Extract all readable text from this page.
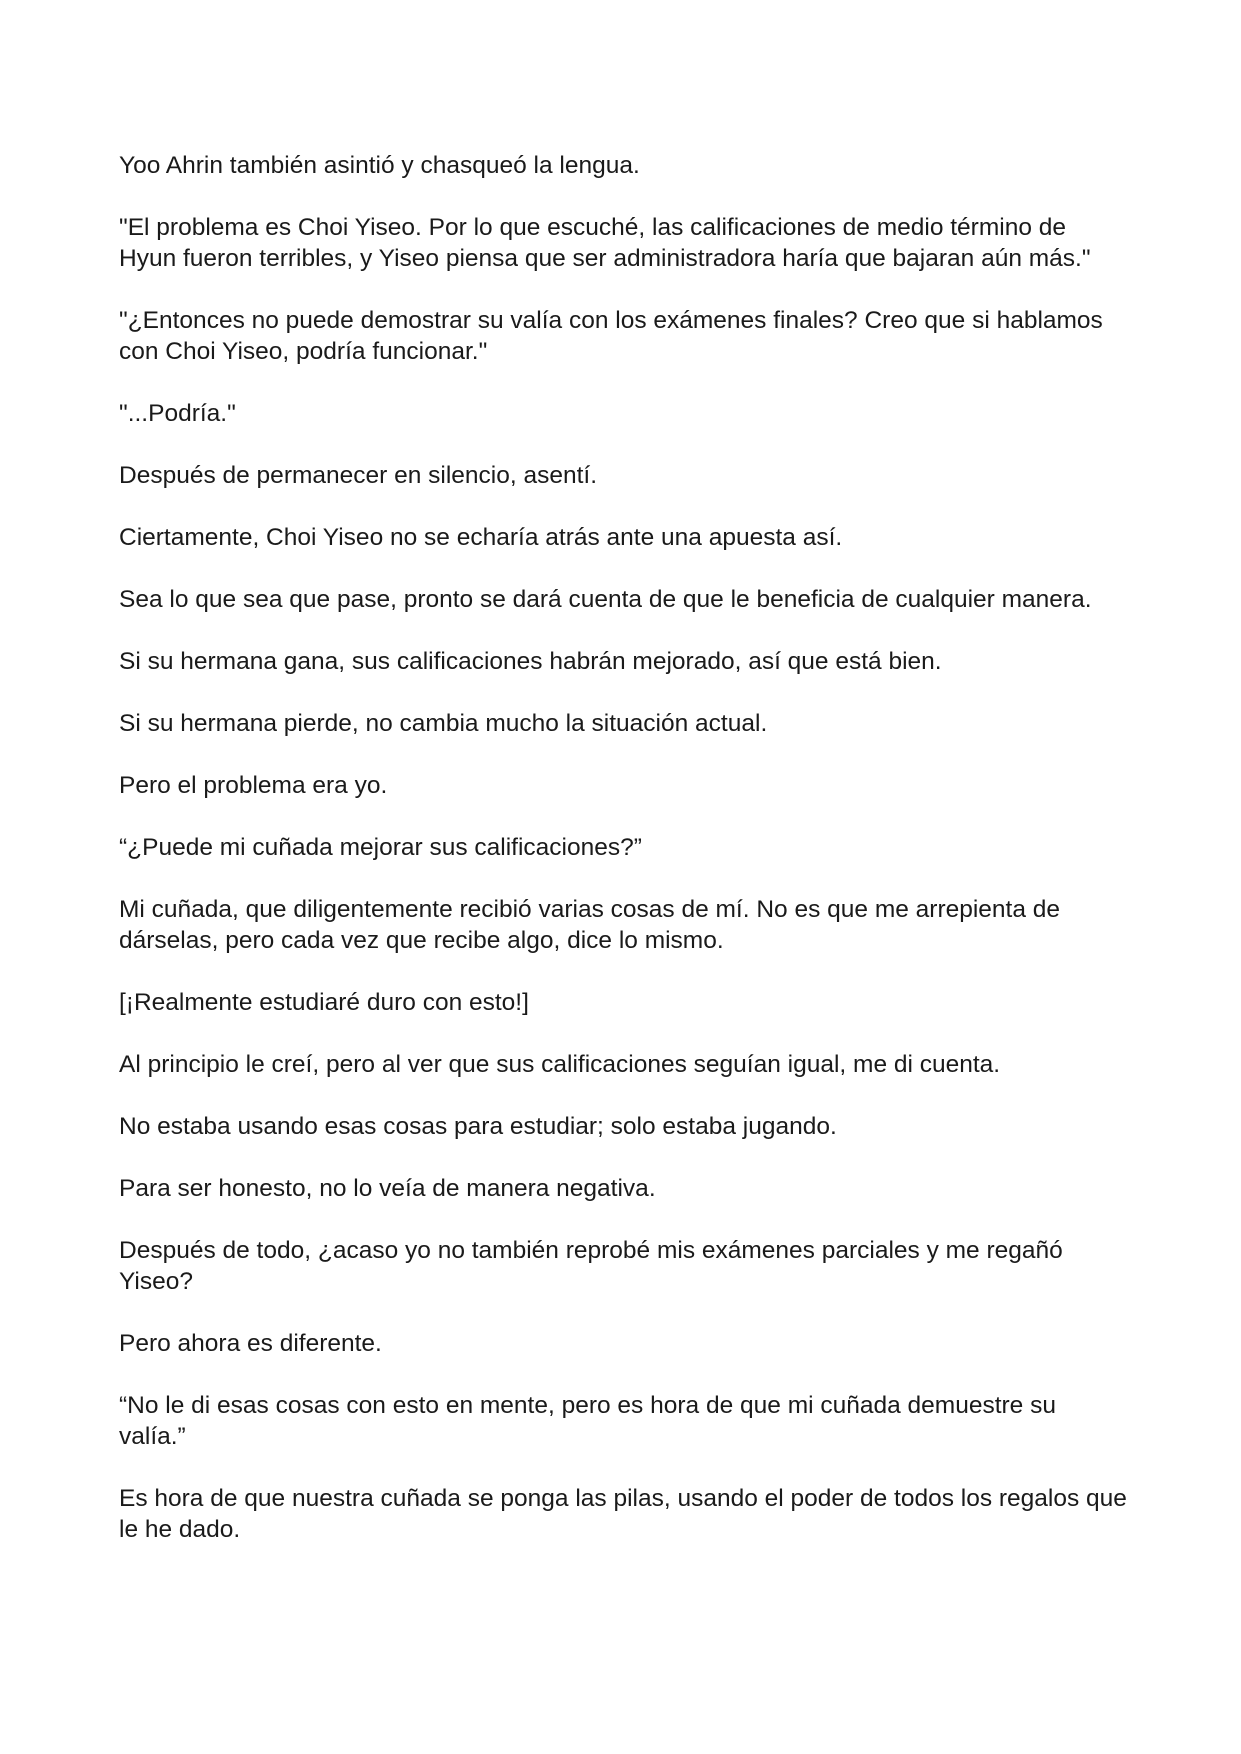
Yoo Ahrin también asintió y chasqueó la lengua.

"El problema es Choi Yiseo. Por lo que escuché, las calificaciones de medio término de Hyun fueron terribles, y Yiseo piensa que ser administradora haría que bajaran aún más."

"¿Entonces no puede demostrar su valía con los exámenes finales? Creo que si hablamos con Choi Yiseo, podría funcionar."

"...Podría."

Después de permanecer en silencio, asentí.

Ciertamente, Choi Yiseo no se echaría atrás ante una apuesta así.

Sea lo que sea que pase, pronto se dará cuenta de que le beneficia de cualquier manera.

Si su hermana gana, sus calificaciones habrán mejorado, así que está bien.

Si su hermana pierde, no cambia mucho la situación actual.

Pero el problema era yo.

“¿Puede mi cuñada mejorar sus calificaciones?”

Mi cuñada, que diligentemente recibió varias cosas de mí. No es que me arrepienta de dárselas, pero cada vez que recibe algo, dice lo mismo.

[¡Realmente estudiaré duro con esto!]

Al principio le creí, pero al ver que sus calificaciones seguían igual, me di cuenta.

No estaba usando esas cosas para estudiar; solo estaba jugando.

Para ser honesto, no lo veía de manera negativa.

Después de todo, ¿acaso yo no también reprobé mis exámenes parciales y me regañó Yiseo?

Pero ahora es diferente.

“No le di esas cosas con esto en mente, pero es hora de que mi cuñada demuestre su valía.”

Es hora de que nuestra cuñada se ponga las pilas, usando el poder de todos los regalos que le he dado.
